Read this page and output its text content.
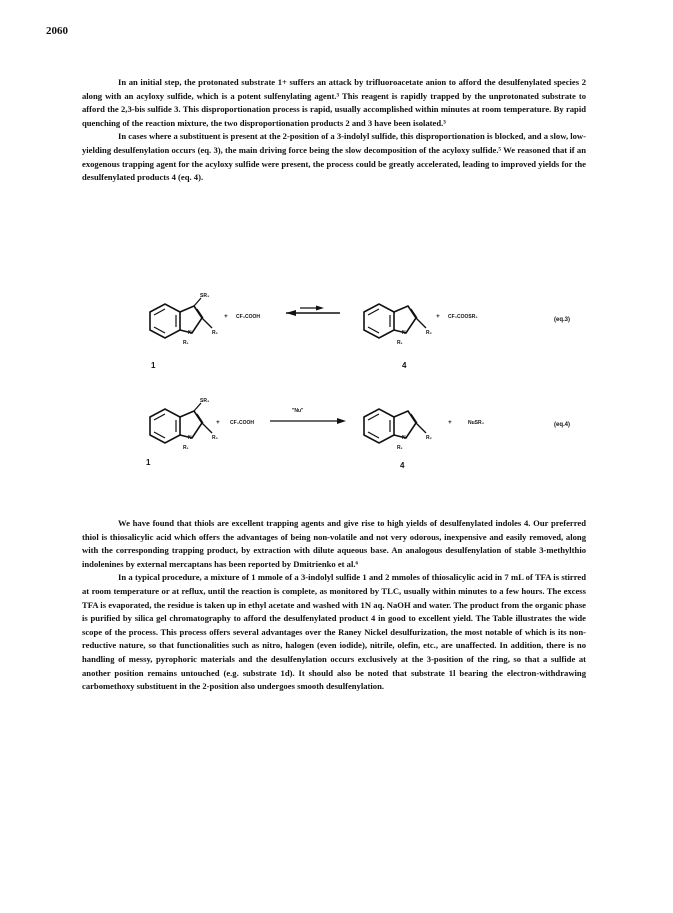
2060

In an initial step, the protonated substrate 1+ suffers an attack by trifluoroacetate anion to afford the desulfenylated species 2 along with an acyloxy sulfide, which is a potent sulfenylating agent.³ This reagent is rapidly trapped by the unprotonated substrate to afford the 2,3-bis sulfide 3. This disproportionation process is rapid, usually accomplished within minutes at room temperature. By rapid quenching of the reaction mixture, the two disproportionation products 2 and 3 have been isolated.³

In cases where a substituent is present at the 2-position of a 3-indolyl sulfide, this disproportionation is blocked, and a slow, low-yielding desulfenylation occurs (eq. 3), the main driving force being the slow decomposition of the acyloxy sulfide.⁵ We reasoned that if an exogenous trapping agent for the acyloxy sulfide were present, the process could be greatly accelerated, leading to improved yields for the desulfenylated products 4 (eq. 4).

SR₃
R₂
N
R₁
1
+ CF₃COOH
R₂
N
R₁
4
+ CF₃COOSR₃	(eq.3)
SR₃
R₂
N
R₁
1
+ CF₃COOH
"Nu"
R₂
N
R₁
4
+	NuSR₃	(eq.4)

We have found that thiols are excellent trapping agents and give rise to high yields of desulfenylated indoles 4. Our preferred thiol is thiosalicylic acid which offers the advantages of being non-volatile and not very odorous, inexpensive and easily removed, along with the corresponding trapping product, by extraction with dilute aqueous base. An analogous desulfenylation of stable 3-methylthio indolenines by external mercaptans has been reported by Dmitrienko et al.⁶

In a typical procedure, a mixture of 1 mmole of a 3-indolyl sulfide 1 and 2 mmoles of thiosalicylic acid in 7 mL of TFA is stirred at room temperature or at reflux, until the reaction is complete, as monitored by TLC, usually within minutes to a few hours. The excess TFA is evaporated, the residue is taken up in ethyl acetate and washed with 1N aq. NaOH and water. The product from the organic phase is purified by silica gel chromatography to afford the desulfenylated product 4 in good to excellent yield. The Table illustrates the wide scope of the process. This process offers several advantages over the Raney Nickel desulfurization, the most notable of which is its non-reductive nature, so that functionalities such as nitro, halogen (even iodide), nitrile, olefin, etc., are unaffected. In addition, there is no handling of messy, pyrophoric materials and the desulfenylation occurs exclusively at the 3-position of the ring, so that a sulfide at another position remains untouched (e.g. substrate 1d). It should also be noted that substrate 1l bearing the electron-withdrawing carbomethoxy substituent in the 2-position also undergoes smooth desulfenylation.
